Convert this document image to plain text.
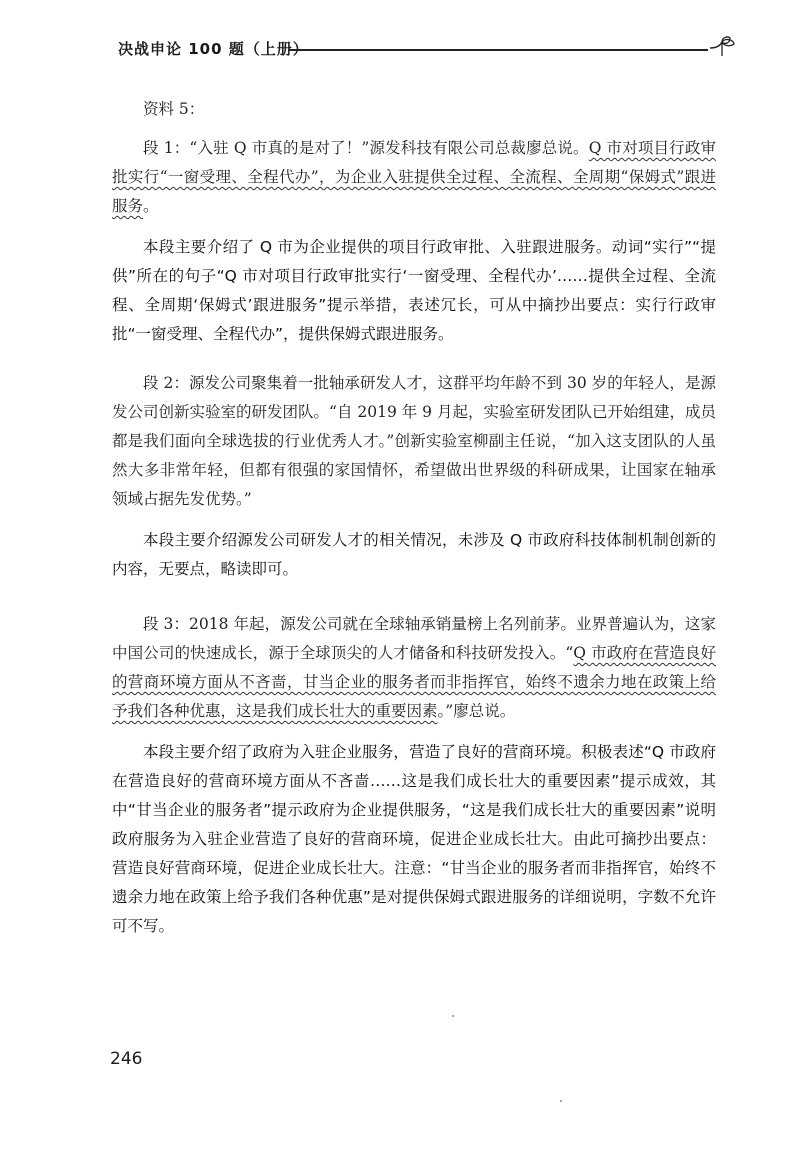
决战申论 100 题（上册）

资料 5：

段 1：“入驻 Q 市真的是对了！”源发科技有限公司总裁廖总说。Q 市对项目行政审批实行“一窗受理、全程代办”，为企业入驻提供全过程、全流程、全周期“保姆式”跟进服务。

本段主要介绍了 Q 市为企业提供的项目行政审批、入驻跟进服务。动词“实行”“提供”所在的句子“Q 市对项目行政审批实行‘一窗受理、全程代办’……提供全过程、全流程、全周期‘保姆式’跟进服务”提示举措，表述冗长，可从中摘抄出要点：实行行政审批“一窗受理、全程代办”，提供保姆式跟进服务。

段 2：源发公司聚集着一批轴承研发人才，这群平均年龄不到 30 岁的年轻人，是源发公司创新实验室的研发团队。“自 2019 年 9 月起，实验室研发团队已开始组建，成员都是我们面向全球选拔的行业优秀人才。”创新实验室柳副主任说，“加入这支团队的人虽然大多非常年轻，但都有很强的家国情怀，希望做出世界级的科研成果，让国家在轴承领域占据先发优势。”

本段主要介绍源发公司研发人才的相关情况，未涉及 Q 市政府科技体制机制创新的内容，无要点，略读即可。

段 3：2018 年起，源发公司就在全球轴承销量榜上名列前茅。业界普遍认为，这家中国公司的快速成长，源于全球顶尖的人才储备和科技研发投入。“Q 市政府在营造良好的营商环境方面从不吝啬，甘当企业的服务者而非指挥官，始终不遗余力地在政策上给予我们各种优惠，这是我们成长壮大的重要因素。”廖总说。

本段主要介绍了政府为入驻企业服务，营造了良好的营商环境。积极表述“Q 市政府在营造良好的营商环境方面从不吝啬……这是我们成长壮大的重要因素”提示成效，其中“甘当企业的服务者”提示政府为企业提供服务，“这是我们成长壮大的重要因素”说明政府服务为入驻企业营造了良好的营商环境，促进企业成长壮大。由此可摘抄出要点：营造良好营商环境，促进企业成长壮大。注意：“甘当企业的服务者而非指挥官，始终不遗余力地在政策上给予我们各种优惠”是对提供保姆式跟进服务的详细说明，字数不允许可不写。

246
